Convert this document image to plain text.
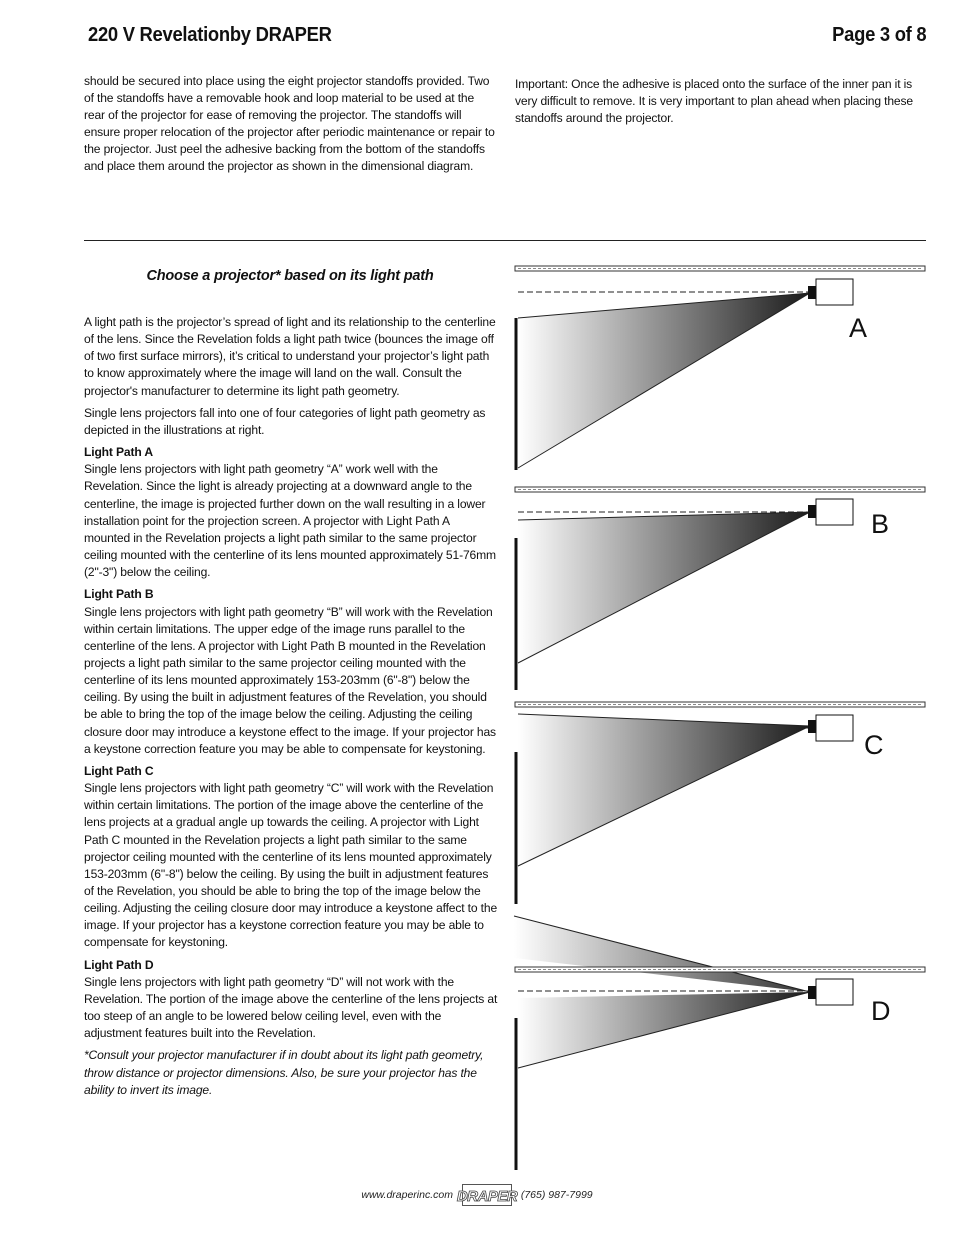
220 V Revelationby DRAPER	Page 3 of 8

should be secured into place using the eight projector standoffs provided. Two of the standoffs have a removable hook and loop material to be used at the rear of the projector for ease of removing the projector. The standoffs will ensure proper relocation of the projector after periodic maintenance or repair to the projector. Just peel the adhesive backing from the bottom of the standoffs and place them around the projector as shown in the dimensional diagram.

Important: Once the adhesive is placed onto the surface of the inner pan it is very difficult to remove. It is very important to plan ahead when placing these standoffs around the projector.

Choose a projector* based on its light path

A light path is the projector’s spread of light and its relationship to the centerline of the lens. Since the Revelation folds a light path twice (bounces the image off of two first surface mirrors), it’s critical to understand your projector’s light path to know approximately where the image will land on the wall. Consult the projector's manufacturer to determine its light path geometry.

Single lens projectors fall into one of four categories of light path geometry as depicted in the illustrations at right.

Light Path A
Single lens projectors with light path geometry “A” work well with the Revelation. Since the light is already projecting at a downward angle to the centerline, the image is projected further down on the wall resulting in a lower installation point for the projection screen. A projector with Light Path A mounted in the Revelation projects a light path similar to the same projector ceiling mounted with the centerline of its lens mounted approximately 51-76mm (2"-3") below the ceiling.

Light Path B
Single lens projectors with light path geometry “B” will work with the Revelation within certain limitations. The upper edge of the image runs parallel to the centerline of the lens. A projector with Light Path B mounted in the Revelation projects a light path similar to the same projector ceiling mounted with the centerline of its lens mounted approximately 153-203mm (6"-8") below the ceiling. By using the built in adjustment features of the Revelation, you should be able to bring the top of the image below the ceiling. Adjusting the ceiling closure door may introduce a keystone effect to the image. If your projector has a keystone correction feature you may be able to compensate for keystoning.

Light Path C
Single lens projectors with light path geometry “C” will work with the Revelation within certain limitations. The portion of the image above the centerline of the lens projects at a gradual angle up towards the ceiling. A projector with Light Path C mounted in the Revelation projects a light path similar to the same projector ceiling mounted with the centerline of its lens mounted approximately 153-203mm (6"-8") below the ceiling. By using the built in adjustment features of the Revelation, you should be able to bring the top of the image below the ceiling. Adjusting the ceiling closure door may introduce a keystone affect to the image. If your projector has a keystone correction feature you may be able to compensate for keystoning.

Light Path D
Single lens projectors with light path geometry “D” will not work with the Revelation. The portion of the image above the centerline of the lens projects at too steep of an angle to be lowered below ceiling level, even with the adjustment features built into the Revelation.

*Consult your projector manufacturer if in doubt about its light path geometry, throw distance or projector dimensions. Also, be sure your projector has the ability to invert its image.

A
B
C
D
www.draperinc.com DRAPER (765) 987-7999
